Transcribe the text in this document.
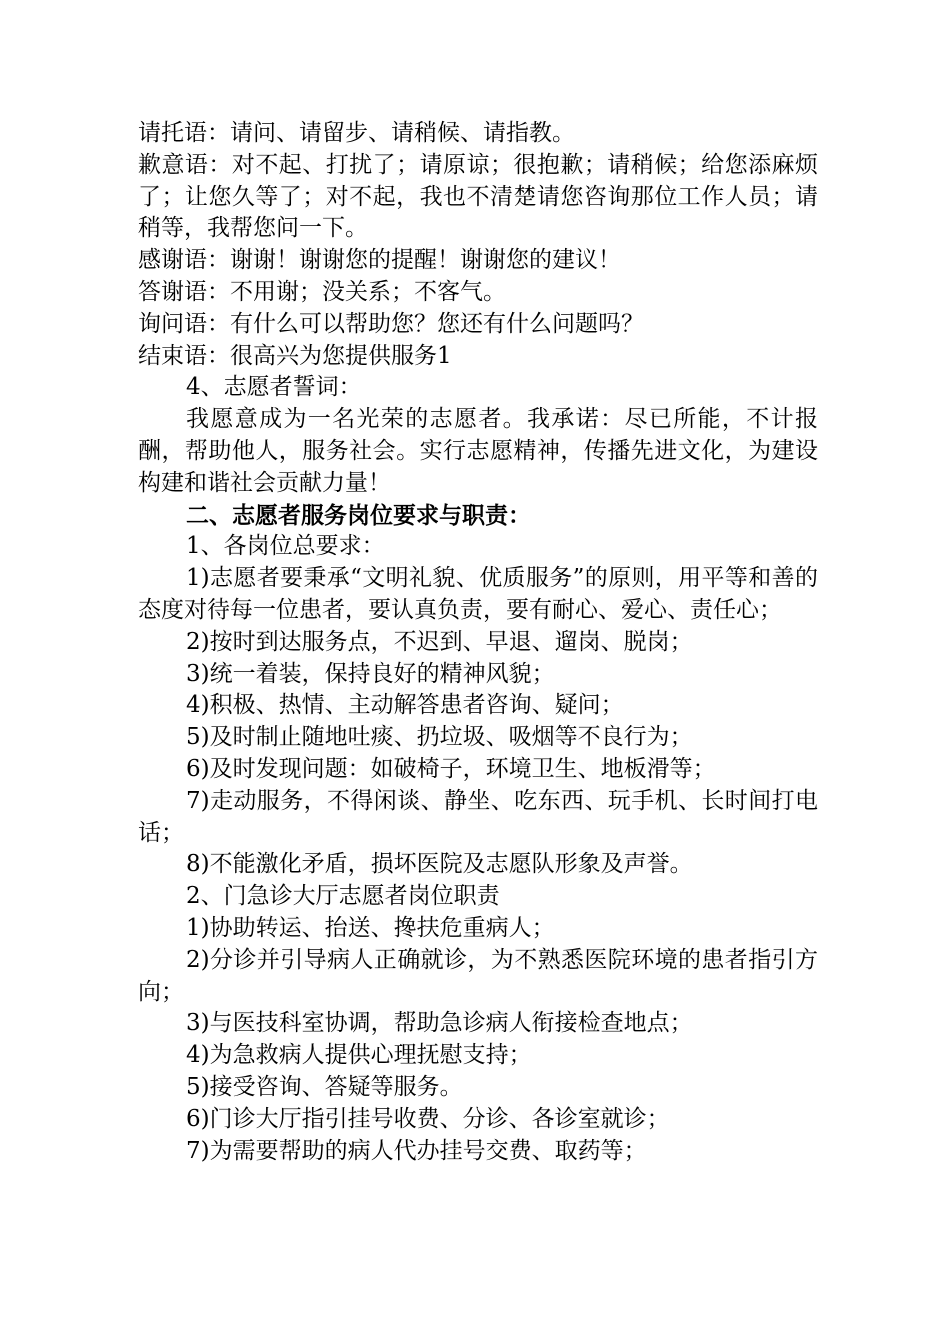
请托语：请问、请留步、请稍候、请指教。

歉意语：对不起、打扰了；请原谅；很抱歉；请稍候；给您添麻烦了；让您久等了；对不起，我也不清楚请您咨询那位工作人员；请稍等，我帮您问一下。

感谢语：谢谢！谢谢您的提醒！谢谢您的建议！

答谢语：不用谢；没关系；不客气。

询问语：有什么可以帮助您？您还有什么问题吗？

结束语：很高兴为您提供服务1

4、志愿者誓词：

我愿意成为一名光荣的志愿者。我承诺：尽已所能，不计报酬，帮助他人，服务社会。实行志愿精神，传播先进文化，为建设构建和谐社会贡献力量！

二、志愿者服务岗位要求与职责：

1、各岗位总要求：

1)志愿者要秉承“文明礼貌、优质服务”的原则，用平等和善的态度对待每一位患者，要认真负责，要有耐心、爱心、责任心；

2)按时到达服务点，不迟到、早退、遛岗、脱岗；

3)统一着装，保持良好的精神风貌；

4)积极、热情、主动解答患者咨询、疑问；

5)及时制止随地吐痰、扔垃圾、吸烟等不良行为；

6)及时发现问题：如破椅子，环境卫生、地板滑等；

7)走动服务，不得闲谈、静坐、吃东西、玩手机、长时间打电话；

8)不能激化矛盾，损坏医院及志愿队形象及声誉。

2、门急诊大厅志愿者岗位职责

1)协助转运、抬送、搀扶危重病人；

2)分诊并引导病人正确就诊，为不熟悉医院环境的患者指引方向；

3)与医技科室协调，帮助急诊病人衔接检查地点；

4)为急救病人提供心理抚慰支持；

5)接受咨询、答疑等服务。

6)门诊大厅指引挂号收费、分诊、各诊室就诊；

7)为需要帮助的病人代办挂号交费、取药等；
